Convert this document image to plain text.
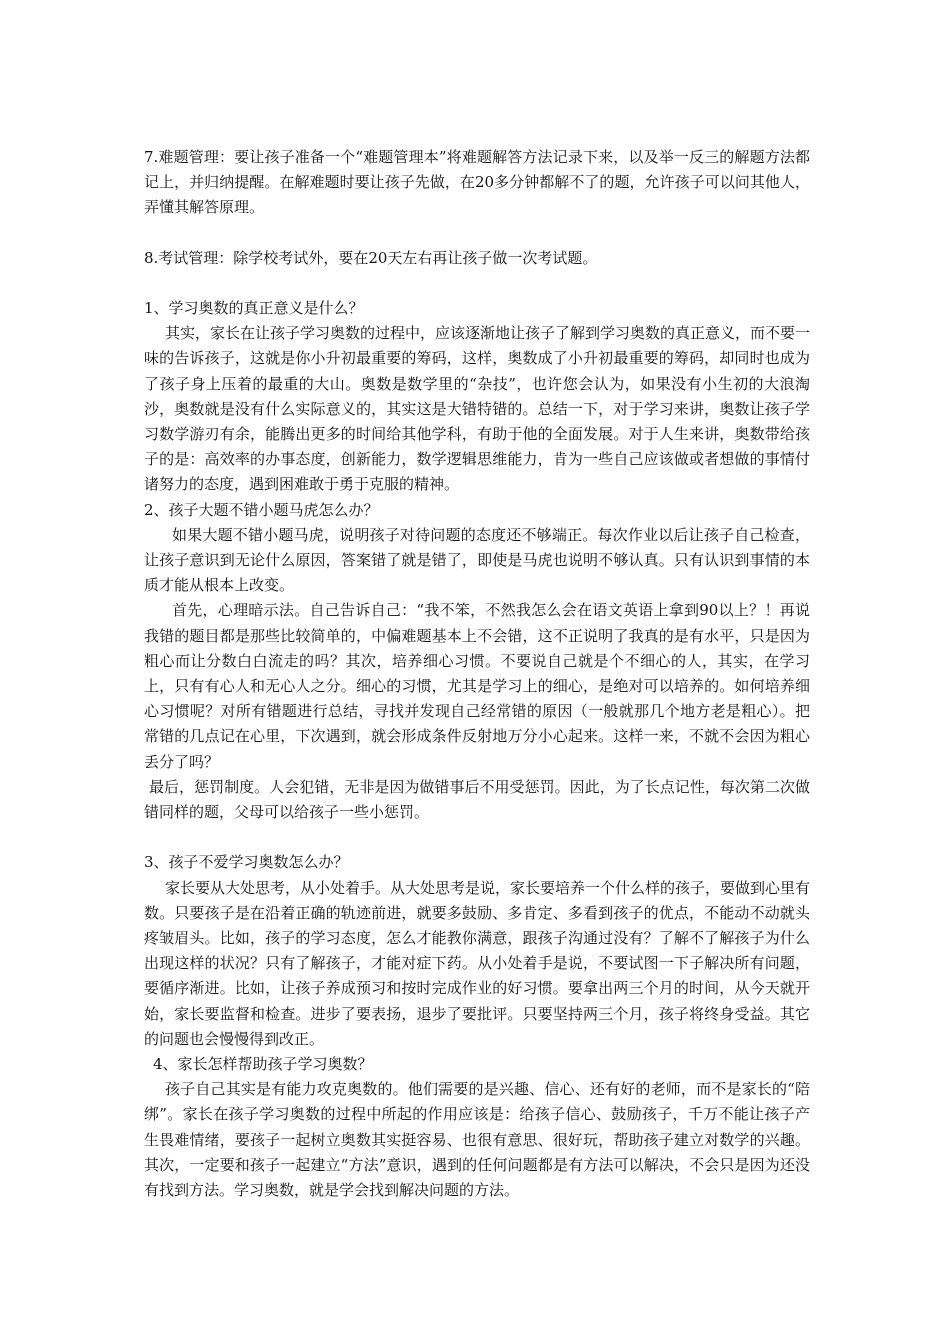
7.难题管理：要让孩子准备一个“难题管理本”将难题解答方法记录下来，以及举一反三的解题方法都记上，并归纳提醒。在解难题时要让孩子先做，在20多分钟都解不了的题，允许孩子可以问其他人，弄懂其解答原理。

8.考试管理：除学校考试外，要在20天左右再让孩子做一次考试题。

1、学习奥数的真正意义是什么？

其实，家长在让孩子学习奥数的过程中，应该逐渐地让孩子了解到学习奥数的真正意义，而不要一味的告诉孩子，这就是你小升初最重要的筹码，这样，奥数成了小升初最重要的筹码，却同时也成为了孩子身上压着的最重的大山。奥数是数学里的“杂技”，也许您会认为，如果没有小生初的大浪淘沙，奥数就是没有什么实际意义的，其实这是大错特错的。总结一下，对于学习来讲，奥数让孩子学习数学游刃有余，能腾出更多的时间给其他学科，有助于他的全面发展。对于人生来讲，奥数带给孩子的是：高效率的办事态度，创新能力，数学逻辑思维能力，肯为一些自己应该做或者想做的事情付诸努力的态度，遇到困难敢于勇于克服的精神。

2、孩子大题不错小题马虎怎么办？

如果大题不错小题马虎，说明孩子对待问题的态度还不够端正。每次作业以后让孩子自己检查，让孩子意识到无论什么原因，答案错了就是错了，即使是马虎也说明不够认真。只有认识到事情的本质才能从根本上改变。

首先，心理暗示法。自己告诉自己：“我不笨，不然我怎么会在语文英语上拿到90以上？！再说我错的题目都是那些比较简单的，中偏难题基本上不会错，这不正说明了我真的是有水平，只是因为粗心而让分数白白流走的吗？其次，培养细心习惯。不要说自己就是个不细心的人，其实，在学习上，只有有心人和无心人之分。细心的习惯，尤其是学习上的细心，是绝对可以培养的。如何培养细心习惯呢？对所有错题进行总结，寻找并发现自己经常错的原因（一般就那几个地方老是粗心）。把常错的几点记在心里，下次遇到，就会形成条件反射地万分小心起来。这样一来，不就不会因为粗心丢分了吗？

最后，惩罚制度。人会犯错，无非是因为做错事后不用受惩罚。因此，为了长点记性，每次第二次做错同样的题，父母可以给孩子一些小惩罚。

3、孩子不爱学习奥数怎么办？

家长要从大处思考，从小处着手。从大处思考是说，家长要培养一个什么样的孩子，要做到心里有数。只要孩子是在沿着正确的轨迹前进，就要多鼓励、多肯定、多看到孩子的优点，不能动不动就头疼皱眉头。比如，孩子的学习态度，怎么才能教你满意，跟孩子沟通过没有？了解不了解孩子为什么出现这样的状况？只有了解孩子，才能对症下药。从小处着手是说，不要试图一下子解决所有问题，要循序渐进。比如，让孩子养成预习和按时完成作业的好习惯。要拿出两三个月的时间，从今天就开始，家长要监督和检查。进步了要表扬，退步了要批评。只要坚持两三个月，孩子将终身受益。其它的问题也会慢慢得到改正。

4、家长怎样帮助孩子学习奥数？

孩子自己其实是有能力攻克奥数的。他们需要的是兴趣、信心、还有好的老师，而不是家长的“陪绑”。家长在孩子学习奥数的过程中所起的作用应该是：给孩子信心、鼓励孩子，千万不能让孩子产生畏难情绪，要孩子一起树立奥数其实挺容易、也很有意思、很好玩，帮助孩子建立对数学的兴趣。其次，一定要和孩子一起建立“方法”意识，遇到的任何问题都是有方法可以解决，不会只是因为还没有找到方法。学习奥数，就是学会找到解决问题的方法。
